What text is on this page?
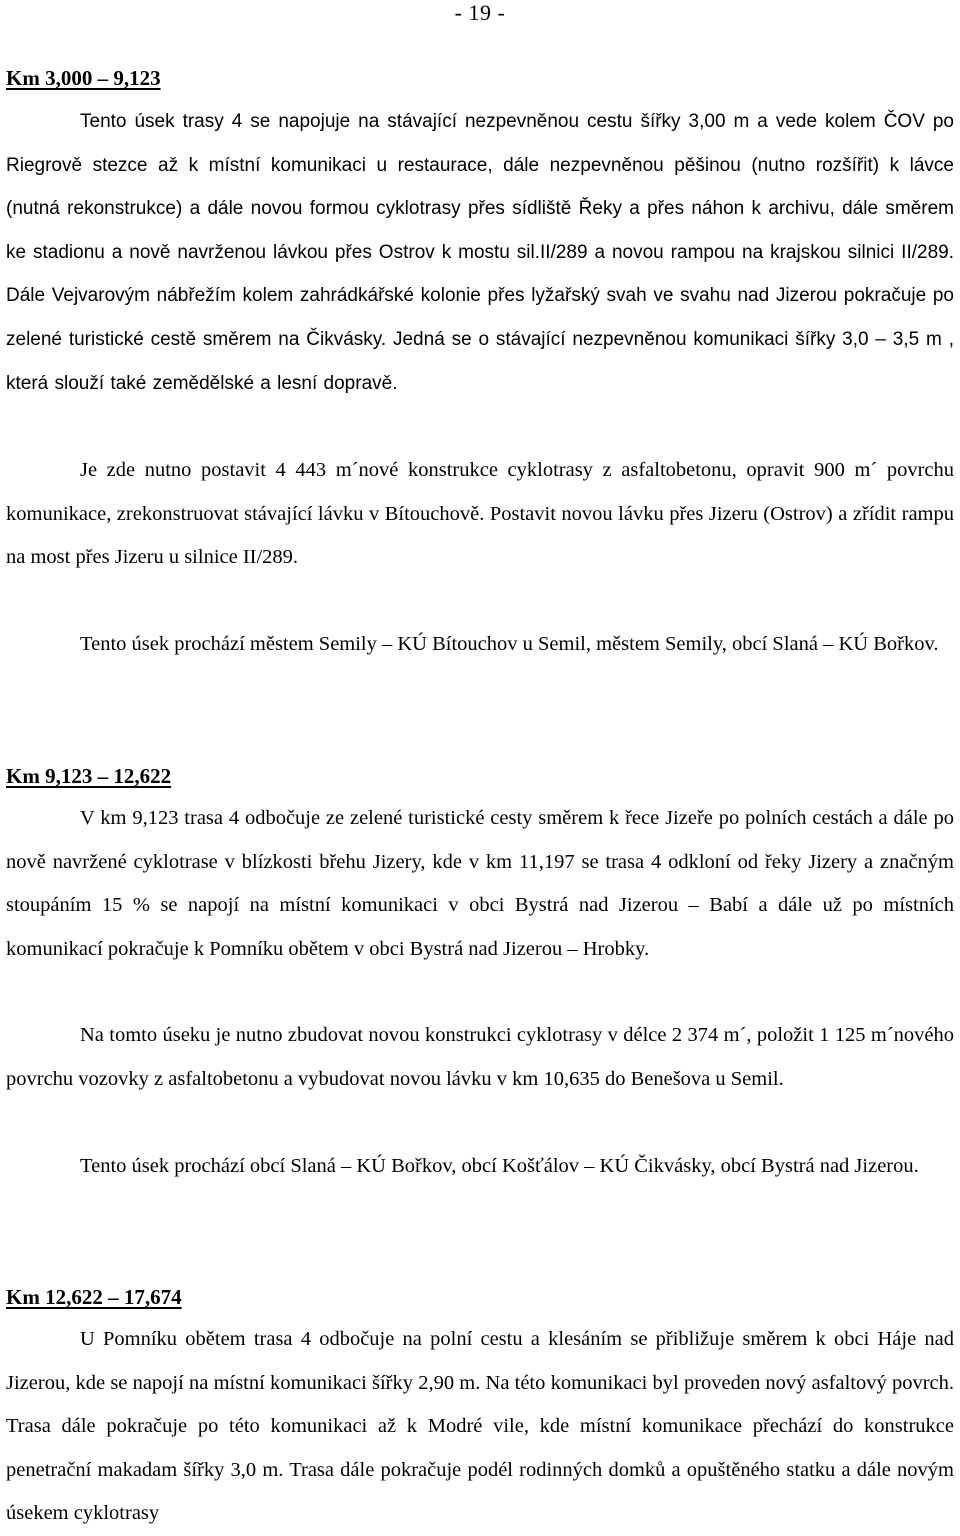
- 19 -
Km 3,000 – 9,123

Tento úsek trasy 4 se napojuje na stávající nezpevněnou cestu šířky 3,00 m a vede kolem ČOV po Riegrově stezce až k místní komunikaci u restaurace, dále nezpevněnou pěšinou (nutno rozšířit) k lávce (nutná rekonstrukce) a dále novou formou cyklotrasy přes sídliště Řeky a přes náhon k archivu, dále směrem ke stadionu a nově navrženou lávkou přes Ostrov k mostu sil.II/289 a novou rampou na krajskou silnici II/289. Dále Vejvarovým nábřežím kolem zahrádkářské kolonie přes lyžařský svah ve svahu nad Jizerou pokračuje po zelené turistické cestě směrem na Čikvásky. Jedná se o stávající nezpevněnou komunikaci šířky 3,0 – 3,5 m , která slouží také zemědělské a lesní dopravě.

Je zde nutno postavit 4 443 m´nové konstrukce cyklotrasy z asfaltobetonu, opravit 900 m´ povrchu komunikace, zrekonstruovat stávající lávku v Bítouchově. Postavit novou lávku přes Jizeru (Ostrov) a zřídit rampu na most přes Jizeru u silnice II/289.

Tento úsek prochází městem Semily – KÚ Bítouchov u Semil, městem Semily, obcí Slaná – KÚ Bořkov.

Km 9,123 – 12,622

V km 9,123 trasa 4 odbočuje ze zelené turistické cesty směrem k řece Jizeře po polních cestách a dále po nově navržené cyklotrase v blízkosti břehu Jizery, kde v km 11,197 se trasa 4 odkloní od řeky Jizery a značným stoupáním 15 % se napojí na místní komunikaci v obci Bystrá nad Jizerou – Babí a dále už po místních komunikací pokračuje k Pomníku obětem v obci Bystrá nad Jizerou – Hrobky.

Na tomto úseku je nutno zbudovat novou konstrukci cyklotrasy v délce 2 374 m´, položit 1 125 m´nového povrchu vozovky z asfaltobetonu a vybudovat novou lávku v km 10,635 do Benešova u Semil.

Tento úsek prochází obcí Slaná – KÚ Bořkov, obcí Košťálov – KÚ Čikvásky, obcí Bystrá nad Jizerou.

Km 12,622 – 17,674

U Pomníku obětem trasa 4 odbočuje na polní cestu a klesáním se přibližuje směrem k obci Háje nad Jizerou, kde se napojí na místní komunikaci šířky 2,90 m. Na této komunikaci byl proveden nový asfaltový povrch. Trasa dále pokračuje po této komunikaci až k Modré vile, kde místní komunikace přechází do konstrukce penetrační makadam šířky 3,0 m. Trasa dále pokračuje podél rodinných domků a opuštěného statku a dále novým úsekem cyklotrasy
